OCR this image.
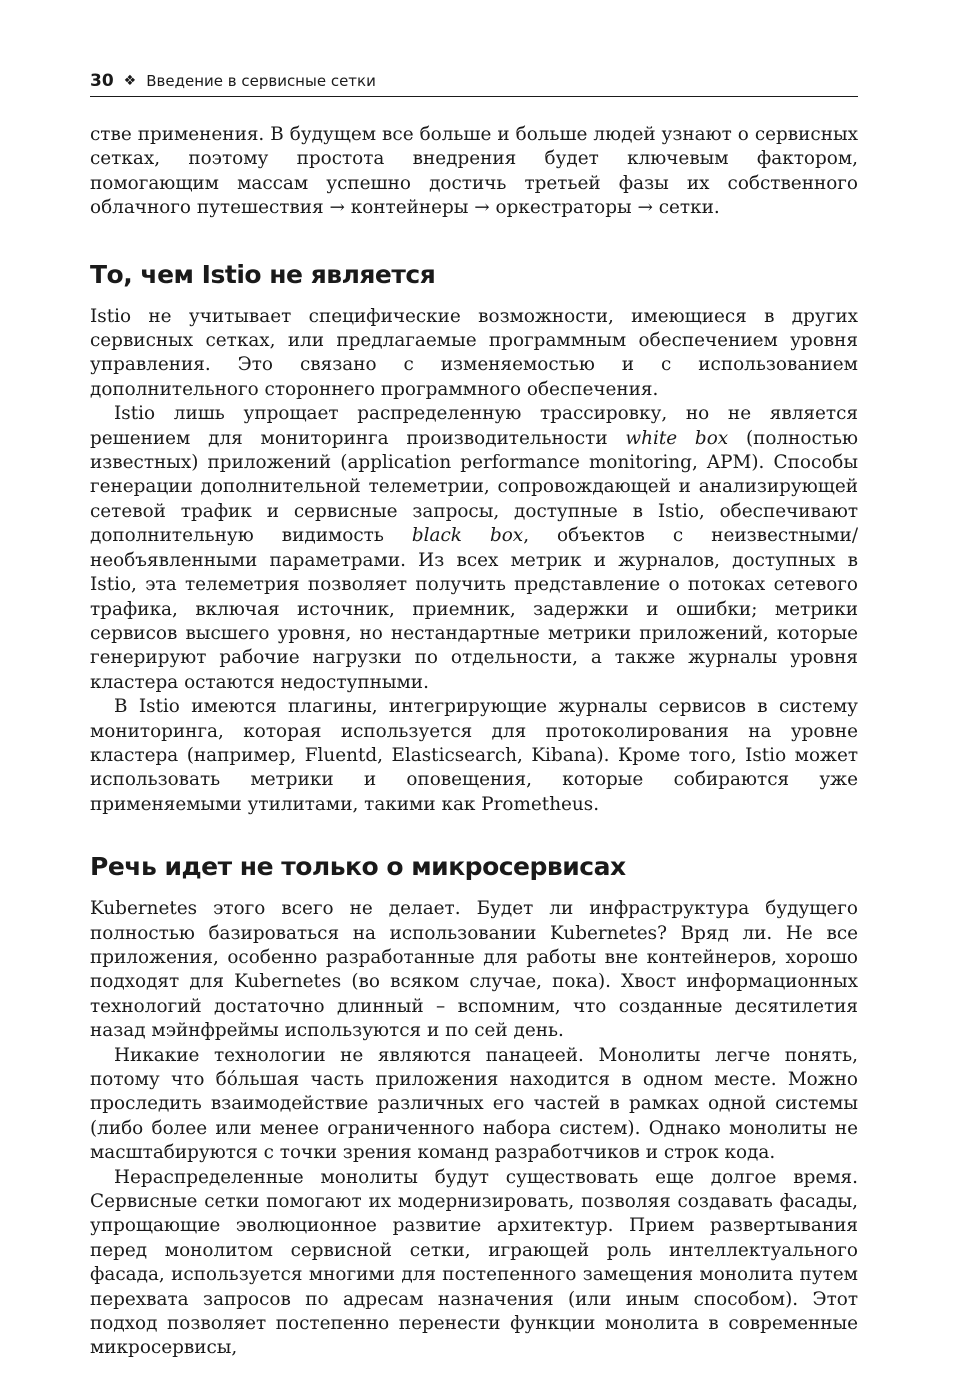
30 ❖ Введение в сервисные сетки

стве применения. В будущем все больше и больше людей узнают о сервисных сетках, поэтому простота внедрения будет ключевым фактором, помогающим массам успешно достичь третьей фазы их собственного облачного путешествия → контейнеры → оркестраторы → сетки.

То, чем Istio не является

Istio не учитывает специфические возможности, имеющиеся в других сервисных сетках, или предлагаемые программным обеспечением уровня управления. Это связано с изменяемостью и с использованием дополнительного стороннего программного обеспечения.

Istio лишь упрощает распределенную трассировку, но не является решением для мониторинга производительности white box (полностью известных) приложений (application performance monitoring, APM). Способы генерации дополнительной телеметрии, сопровождающей и анализирующей сетевой трафик и сервисные запросы, доступные в Istio, обеспечивают дополнительную видимость black box, объектов с неизвестными/необъявленными параметрами. Из всех метрик и журналов, доступных в Istio, эта телеметрия позволяет получить представление о потоках сетевого трафика, включая источник, приемник, задержки и ошибки; метрики сервисов высшего уровня, но нестандартные метрики приложений, которые генерируют рабочие нагрузки по отдельности, а также журналы уровня кластера остаются недоступными.

В Istio имеются плагины, интегрирующие журналы сервисов в систему мониторинга, которая используется для протоколирования на уровне кластера (например, Fluentd, Elasticsearch, Kibana). Кроме того, Istio может использовать метрики и оповещения, которые собираются уже применяемыми утилитами, такими как Prometheus.

Речь идет не только о микросервисах

Kubernetes этого всего не делает. Будет ли инфраструктура будущего полностью базироваться на использовании Kubernetes? Вряд ли. Не все приложения, особенно разработанные для работы вне контейнеров, хорошо подходят для Kubernetes (во всяком случае, пока). Хвост информационных технологий достаточно длинный – вспомним, что созданные десятилетия назад мэйнфреймы используются и по сей день.

Никакие технологии не являются панацеей. Монолиты легче понять, потому что бо́льшая часть приложения находится в одном месте. Можно проследить взаимодействие различных его частей в рамках одной системы (либо более или менее ограниченного набора систем). Однако монолиты не масштабируются с точки зрения команд разработчиков и строк кода.

Нераспределенные монолиты будут существовать еще долгое время. Сервисные сетки помогают их модернизировать, позволяя создавать фасады, упрощающие эволюционное развитие архитектур. Прием развертывания перед монолитом сервисной сетки, играющей роль интеллектуального фасада, используется многими для постепенного замещения монолита путем перехвата запросов по адресам назначения (или иным способом). Этот подход позволяет постепенно перенести функции монолита в современные микросервисы,
